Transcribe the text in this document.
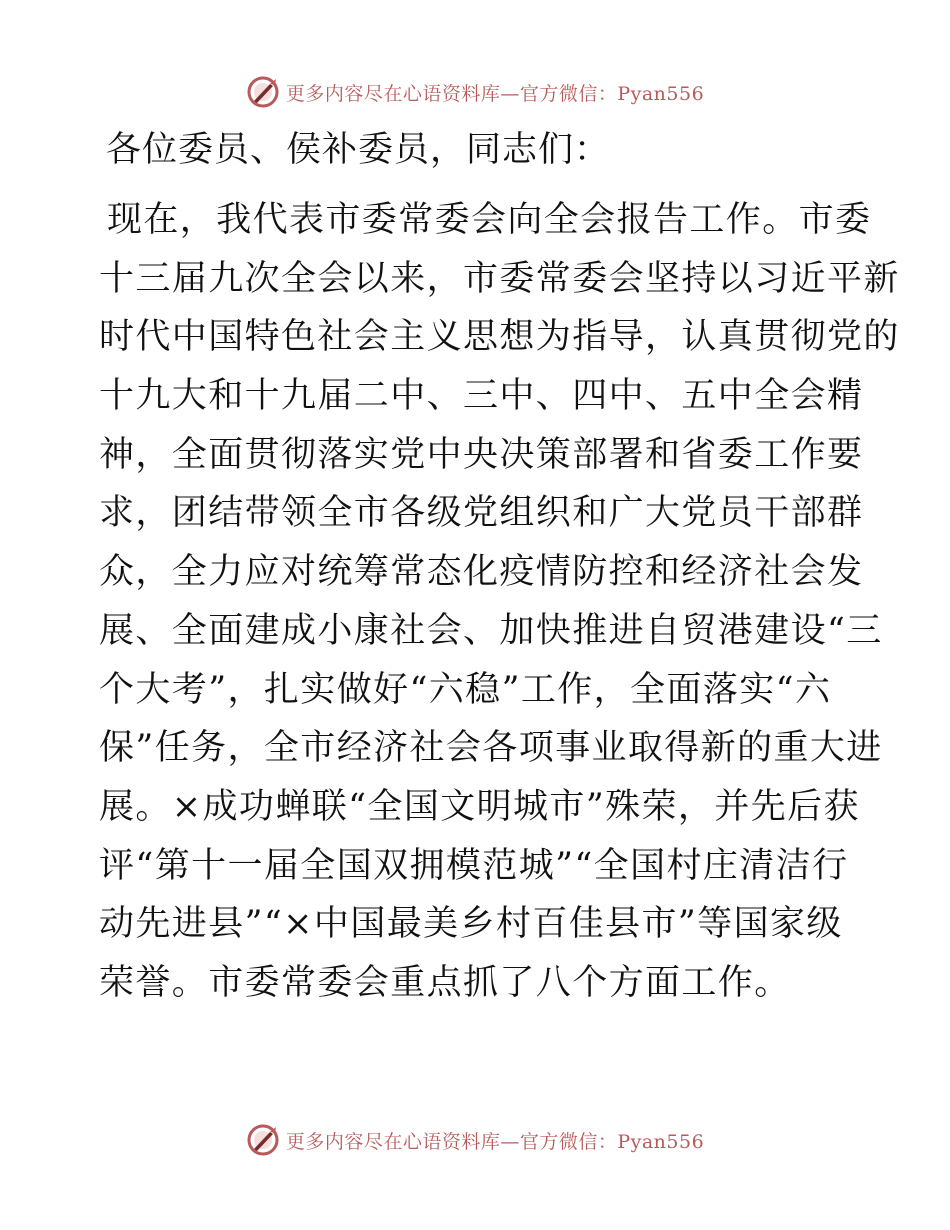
更多内容尽在心语资料库—官方微信：Pyan556
各位委员、侯补委员，同志们：
现在，我代表市委常委会向全会报告工作。市委
十三届九次全会以来，市委常委会坚持以习近平新
时代中国特色社会主义思想为指导，认真贯彻党的
十九大和十九届二中、三中、四中、五中全会精
神，全面贯彻落实党中央决策部署和省委工作要
求，团结带领全市各级党组织和广大党员干部群
众，全力应对统筹常态化疫情防控和经济社会发
展、全面建成小康社会、加快推进自贸港建设“三
个大考”，扎实做好“六稳”工作，全面落实“六
保”任务，全市经济社会各项事业取得新的重大进
展。×成功蝉联“全国文明城市”殊荣，并先后获
评“第十一届全国双拥模范城”“全国村庄清洁行
动先进县”“×中国最美乡村百佳县市”等国家级
荣誉。市委常委会重点抓了八个方面工作。
更多内容尽在心语资料库—官方微信：Pyan556
